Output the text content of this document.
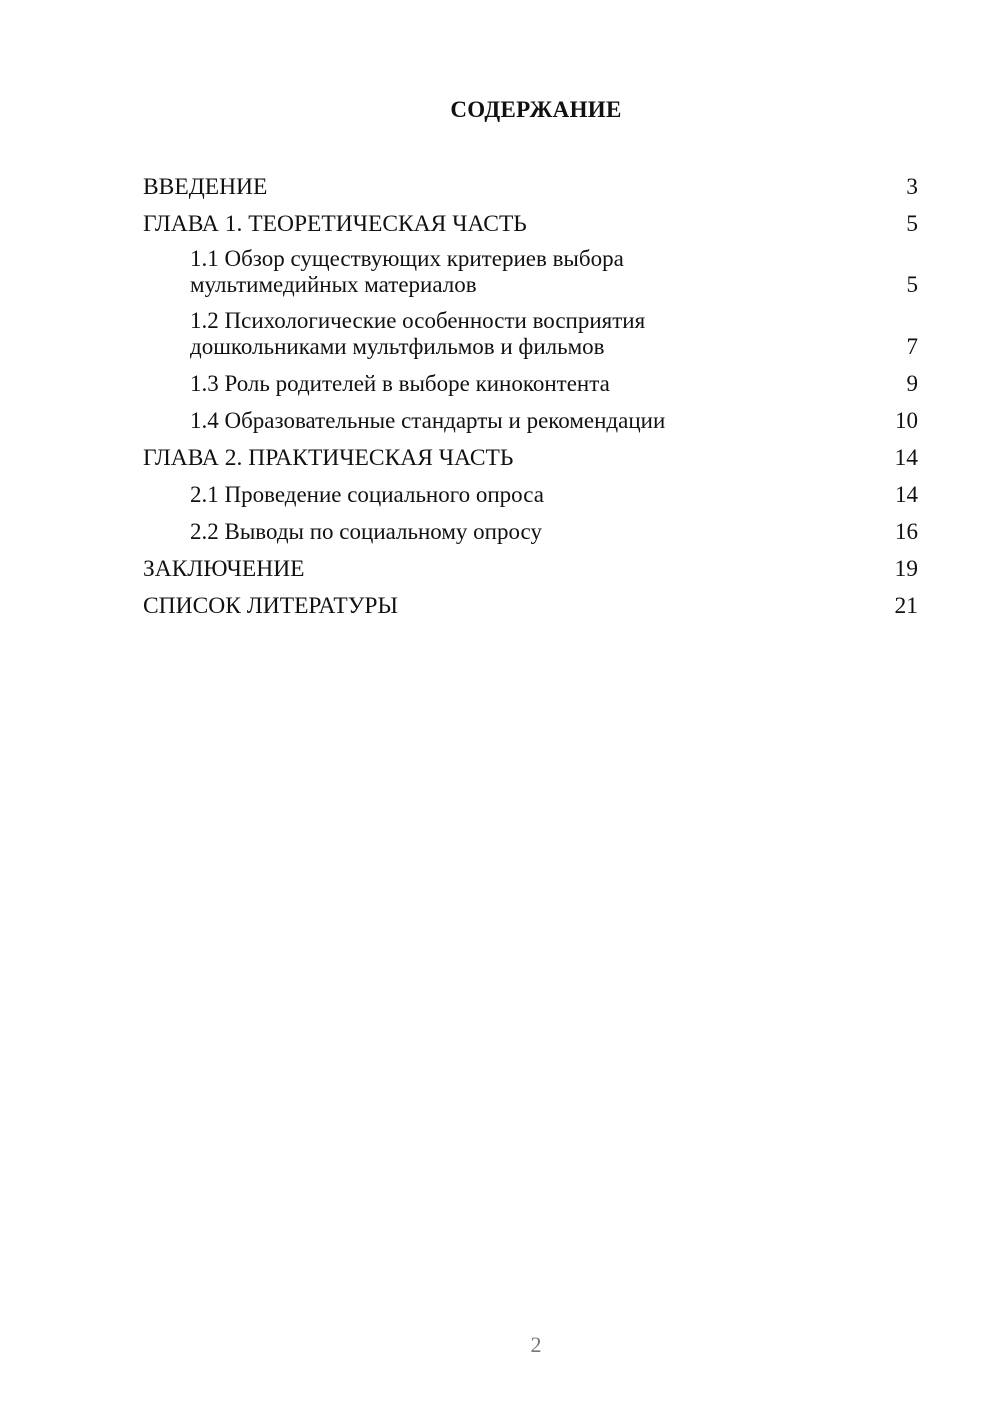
СОДЕРЖАНИЕ
ВВЕДЕНИЕ	3
ГЛАВА 1. ТЕОРЕТИЧЕСКАЯ ЧАСТЬ	5
1.1 Обзор существующих критериев выбора
мультимедийных материалов	5
1.2 Психологические особенности восприятия
дошкольниками мультфильмов и фильмов	7
1.3 Роль родителей в выборе киноконтента	9
1.4 Образовательные стандарты и рекомендации	10
ГЛАВА 2. ПРАКТИЧЕСКАЯ ЧАСТЬ	14
2.1 Проведение социального опроса	14
2.2 Выводы по социальному опросу	16
ЗАКЛЮЧЕНИЕ	19
СПИСОК ЛИТЕРАТУРЫ	21
2
